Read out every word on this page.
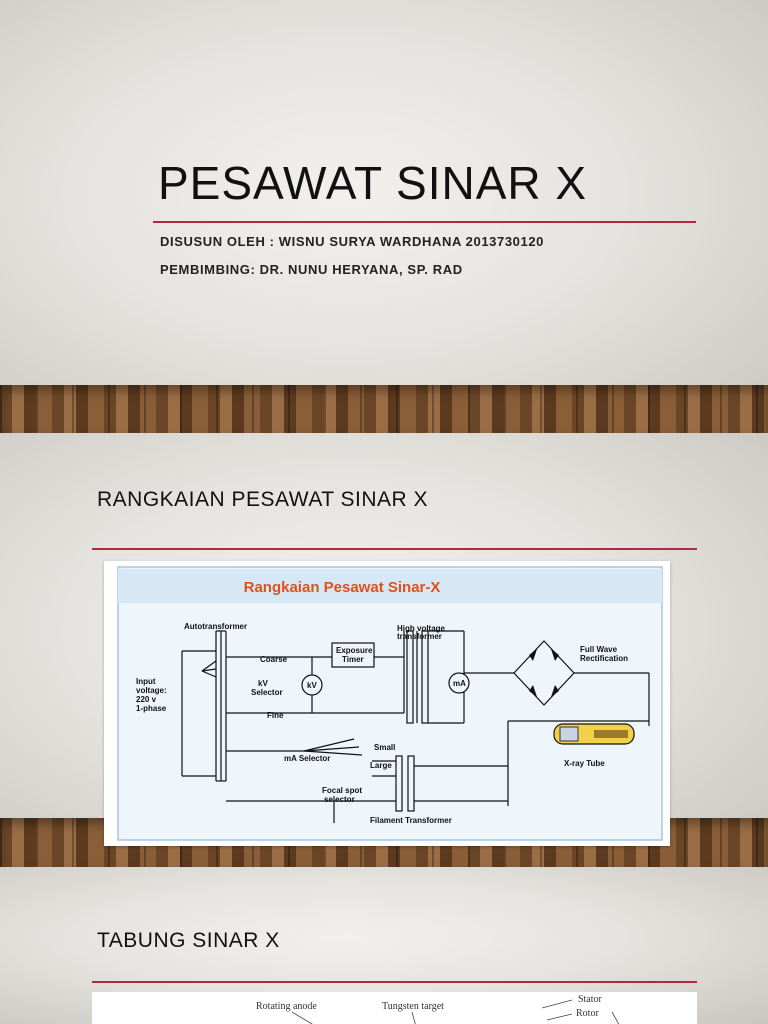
PESAWAT SINAR X

DISUSUN OLEH : WISNU SURYA WARDHANA 2013730120

PEMBIMBING: DR. NUNU HERYANA, SP. RAD

RANGKAIAN PESAWAT SINAR X
Rangkaian Pesawat Sinar-X
Autotransformer
Coarse
Input
voltage:
220 v
1-phase
kV
Selector
Fine
kV
Exposure
Timer
High voltage
transformer
mA
Full Wave
Rectification
mA Selector
Small
Large
Focal spot
selector
X-ray Tube
Filament Transformer
TABUNG SINAR X
Rotating anode	Tungsten target
Stator
Rotor
